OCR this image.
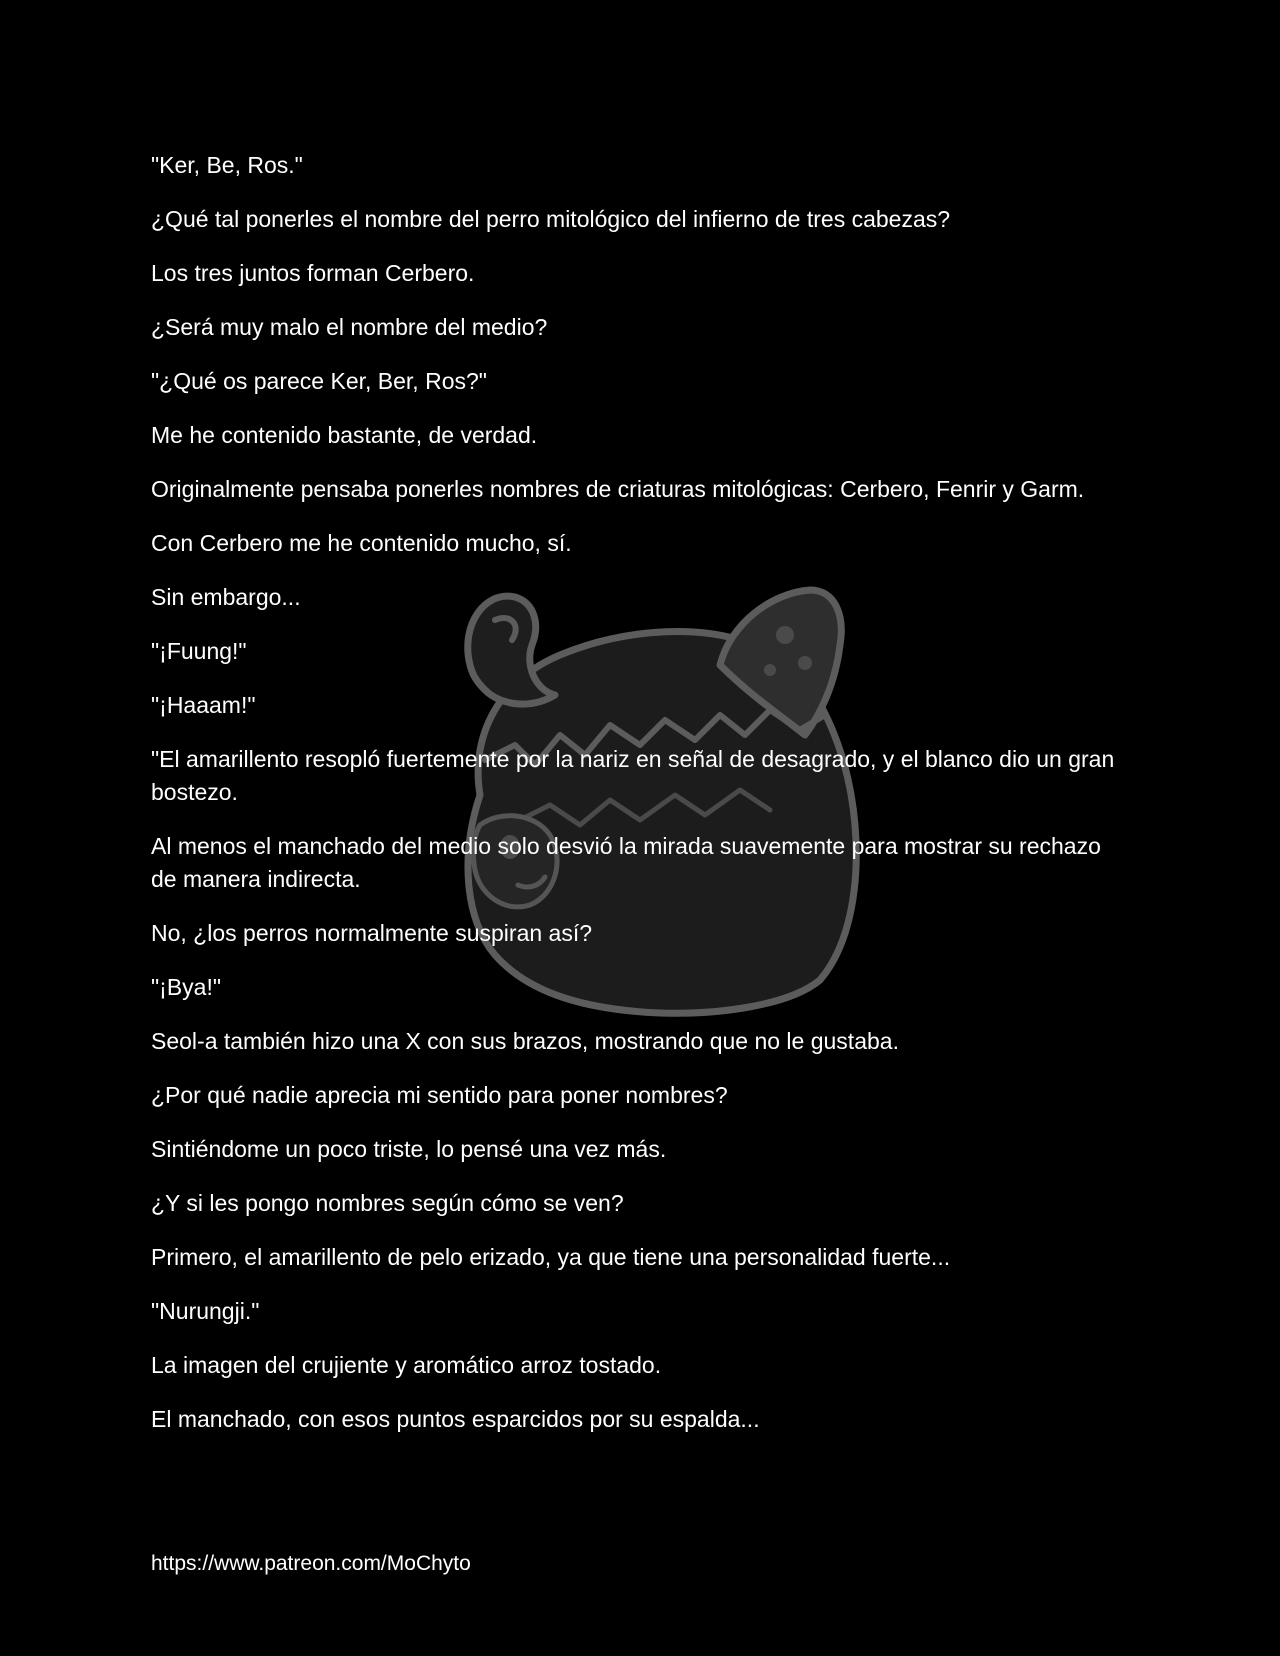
"Ker, Be, Ros."

¿Qué tal ponerles el nombre del perro mitológico del infierno de tres cabezas?

Los tres juntos forman Cerbero.

¿Será muy malo el nombre del medio?

"¿Qué os parece Ker, Ber, Ros?"

Me he contenido bastante, de verdad.

Originalmente pensaba ponerles nombres de criaturas mitológicas: Cerbero, Fenrir y Garm.

Con Cerbero me he contenido mucho, sí.

Sin embargo...

"¡Fuung!"

"¡Haaam!"

"El amarillento resopló fuertemente por la nariz en señal de desagrado, y el blanco dio un gran bostezo.

Al menos el manchado del medio solo desvió la mirada suavemente para mostrar su rechazo de manera indirecta.

No, ¿los perros normalmente suspiran así?

"¡Bya!"

Seol-a también hizo una X con sus brazos, mostrando que no le gustaba.

¿Por qué nadie aprecia mi sentido para poner nombres?

Sintiéndome un poco triste, lo pensé una vez más.

¿Y si les pongo nombres según cómo se ven?

Primero, el amarillento de pelo erizado, ya que tiene una personalidad fuerte...

"Nurungji."

La imagen del crujiente y aromático arroz tostado.

El manchado, con esos puntos esparcidos por su espalda...

https://www.patreon.com/MoChyto
